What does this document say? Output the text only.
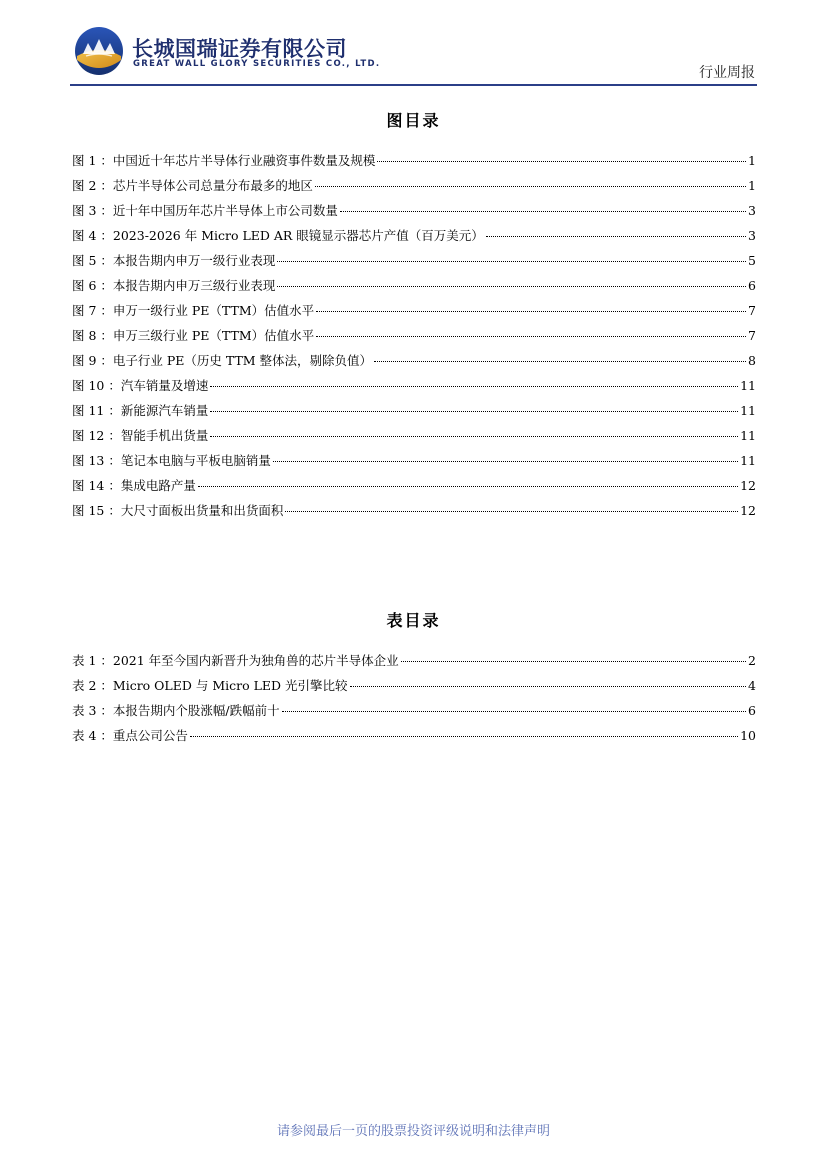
长城国瑞证券有限公司
GREAT WALL GLORY SECURITIES CO., LTD.
行业周报
图目录
图 1 ：中国近十年芯片半导体行业融资事件数量及规模	1
图 2 ：芯片半导体公司总量分布最多的地区	1
图 3 ：近十年中国历年芯片半导体上市公司数量	3
图 4 ：2023-2026 年 Micro LED AR 眼镜显示器芯片产值（百万美元）	3
图 5 ：本报告期内申万一级行业表现	5
图 6 ：本报告期内申万三级行业表现	6
图 7 ：申万一级行业 PE（TTM）估值水平	7
图 8 ：申万三级行业 PE（TTM）估值水平	7
图 9 ：电子行业 PE（历史 TTM 整体法，剔除负值）	8
图 10 ：汽车销量及增速	11
图 11 ：新能源汽车销量	11
图 12 ：智能手机出货量	11
图 13 ：笔记本电脑与平板电脑销量	11
图 14 ：集成电路产量	12
图 15 ：大尺寸面板出货量和出货面积	12
表目录
表 1 ：2021 年至今国内新晋升为独角兽的芯片半导体企业	2
表 2 ：Micro OLED 与 Micro LED 光引擎比较	4
表 3 ：本报告期内个股涨幅/跌幅前十	6
表 4 ：重点公司公告	10
请参阅最后一页的股票投资评级说明和法律声明
